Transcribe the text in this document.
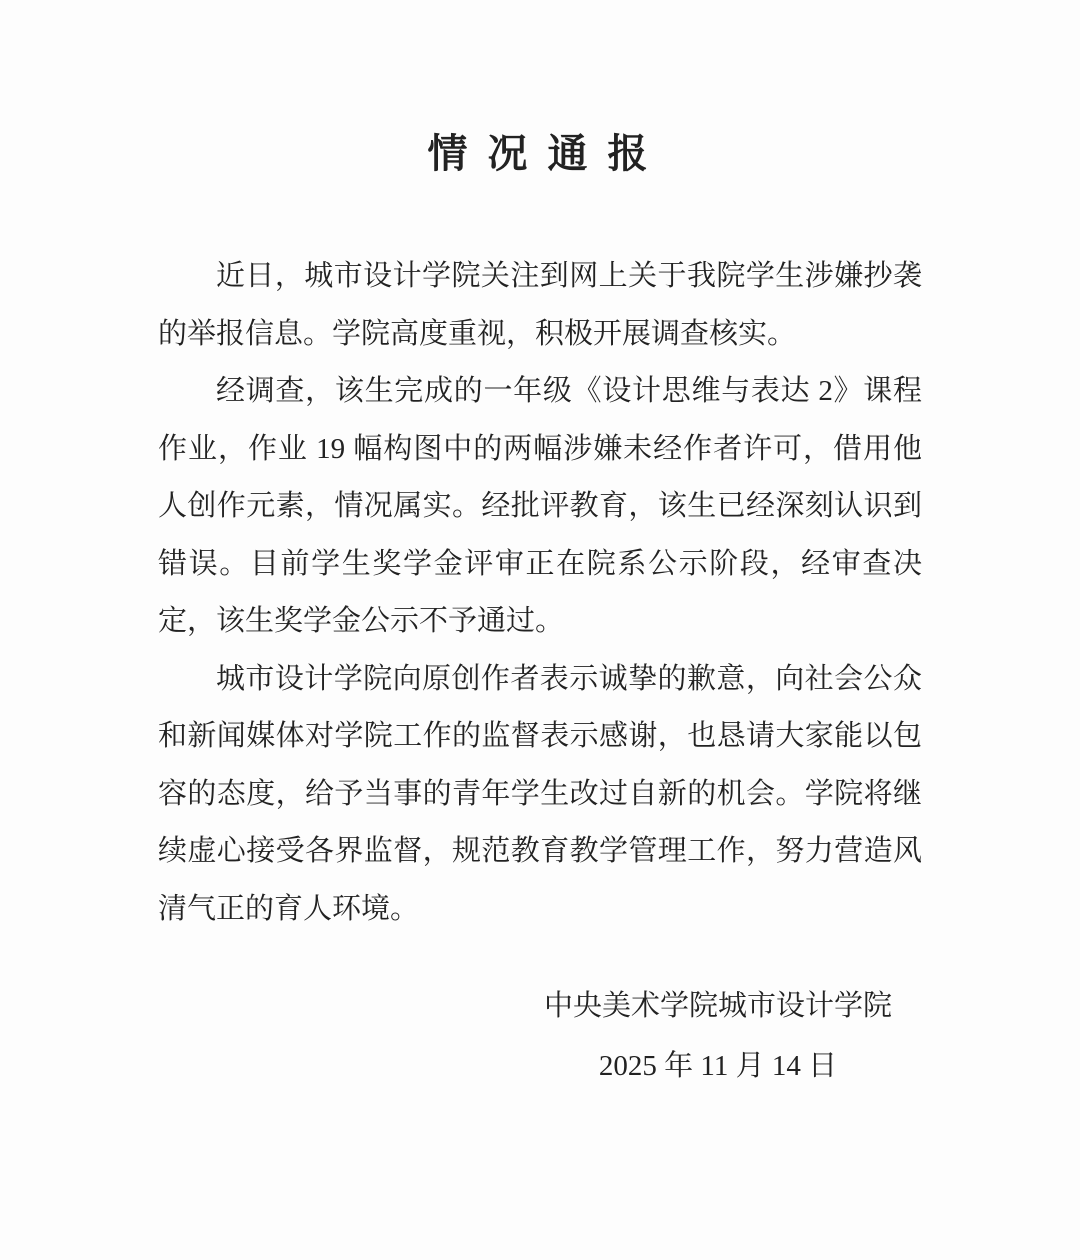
情 况 通 报

近日，城市设计学院关注到网上关于我院学生涉嫌抄袭的举报信息。学院高度重视，积极开展调查核实。

经调查，该生完成的一年级《设计思维与表达 2》课程作业，作业 19 幅构图中的两幅涉嫌未经作者许可，借用他人创作元素，情况属实。经批评教育，该生已经深刻认识到错误。目前学生奖学金评审正在院系公示阶段，经审查决定，该生奖学金公示不予通过。

城市设计学院向原创作者表示诚挚的歉意，向社会公众和新闻媒体对学院工作的监督表示感谢，也恳请大家能以包容的态度，给予当事的青年学生改过自新的机会。学院将继续虚心接受各界监督，规范教育教学管理工作，努力营造风清气正的育人环境。

中央美术学院城市设计学院
2025 年 11 月 14 日
